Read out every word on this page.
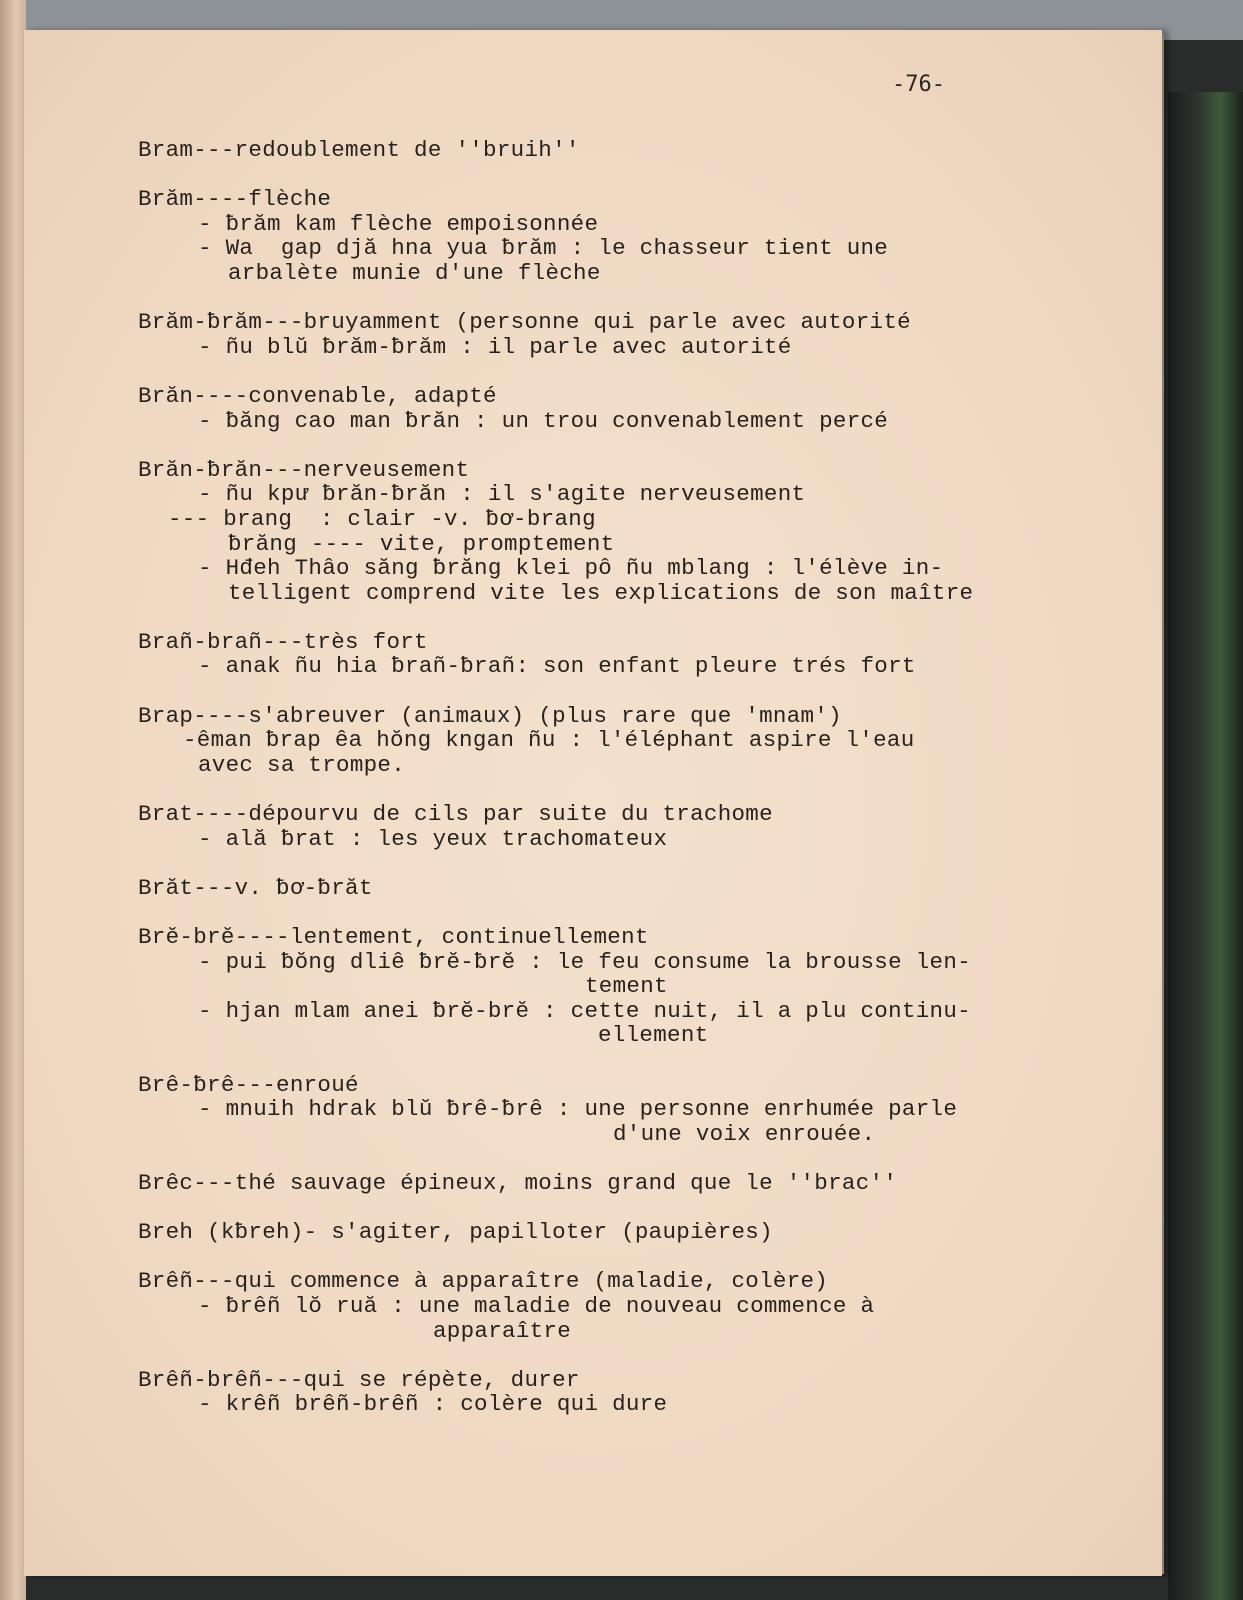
-76-
Bram---redoublement de ''bruih''
Brăm----flèche
- ƀrăm kam flèche empoisonnée
- Wa  gap djă hna yua ƀrăm : le chasseur tient une
arbalète munie d'une flèche
Brăm-ƀrăm---bruyamment (personne qui parle avec autorité
- ñu blŭ ƀrăm-ƀrăm : il parle avec autorité
Brăn----convenable, adapté
- ƀăng cao man ƀrăn : un trou convenablement percé
Brăn-ƀrăn---nerveusement
- ñu kpư ƀrăn-ƀrăn : il s'agite nerveusement
--- brang  : clair -v. ƀơ-brang
ƀrăng ---- vite, promptement
- Hđeh Thâo săng ƀrăng klei pô ñu mblang : l'élève in-
telligent comprend vite les explications de son maître
Brañ-brañ---très fort
- anak ñu hia ƀrañ-ƀrañ: son enfant pleure trés fort
Brap----s'abreuver (animaux) (plus rare que 'mnam')
-êman ƀrap êa hŏng kngan ñu : l'éléphant aspire l'eau
avec sa trompe.
Brat----dépourvu de cils par suite du trachome
- ală ƀrat : les yeux trachomateux
Brăt---v. ƀơ-ƀrăt
Brĕ-brĕ----lentement, continuellement
- pui ƀŏng dliê ƀrĕ-ƀrĕ : le feu consume la brousse len-
tement
- hjan mlam anei ƀrĕ-brĕ : cette nuit, il a plu continu-
ellement
Brê-ƀrê---enroué
- mnuih hdrak blŭ ƀrê-ƀrê : une personne enrhumée parle
d'une voix enrouée.
Brêc---thé sauvage épineux, moins grand que le ''brac''
Breh (kƀreh)- s'agiter, papilloter (paupières)
Brêñ---qui commence à apparaître (maladie, colère)
- ƀrêñ lŏ ruă : une maladie de nouveau commence à
apparaître
Brêñ-brêñ---qui se répète, durer
- krêñ brêñ-brêñ : colère qui dure
